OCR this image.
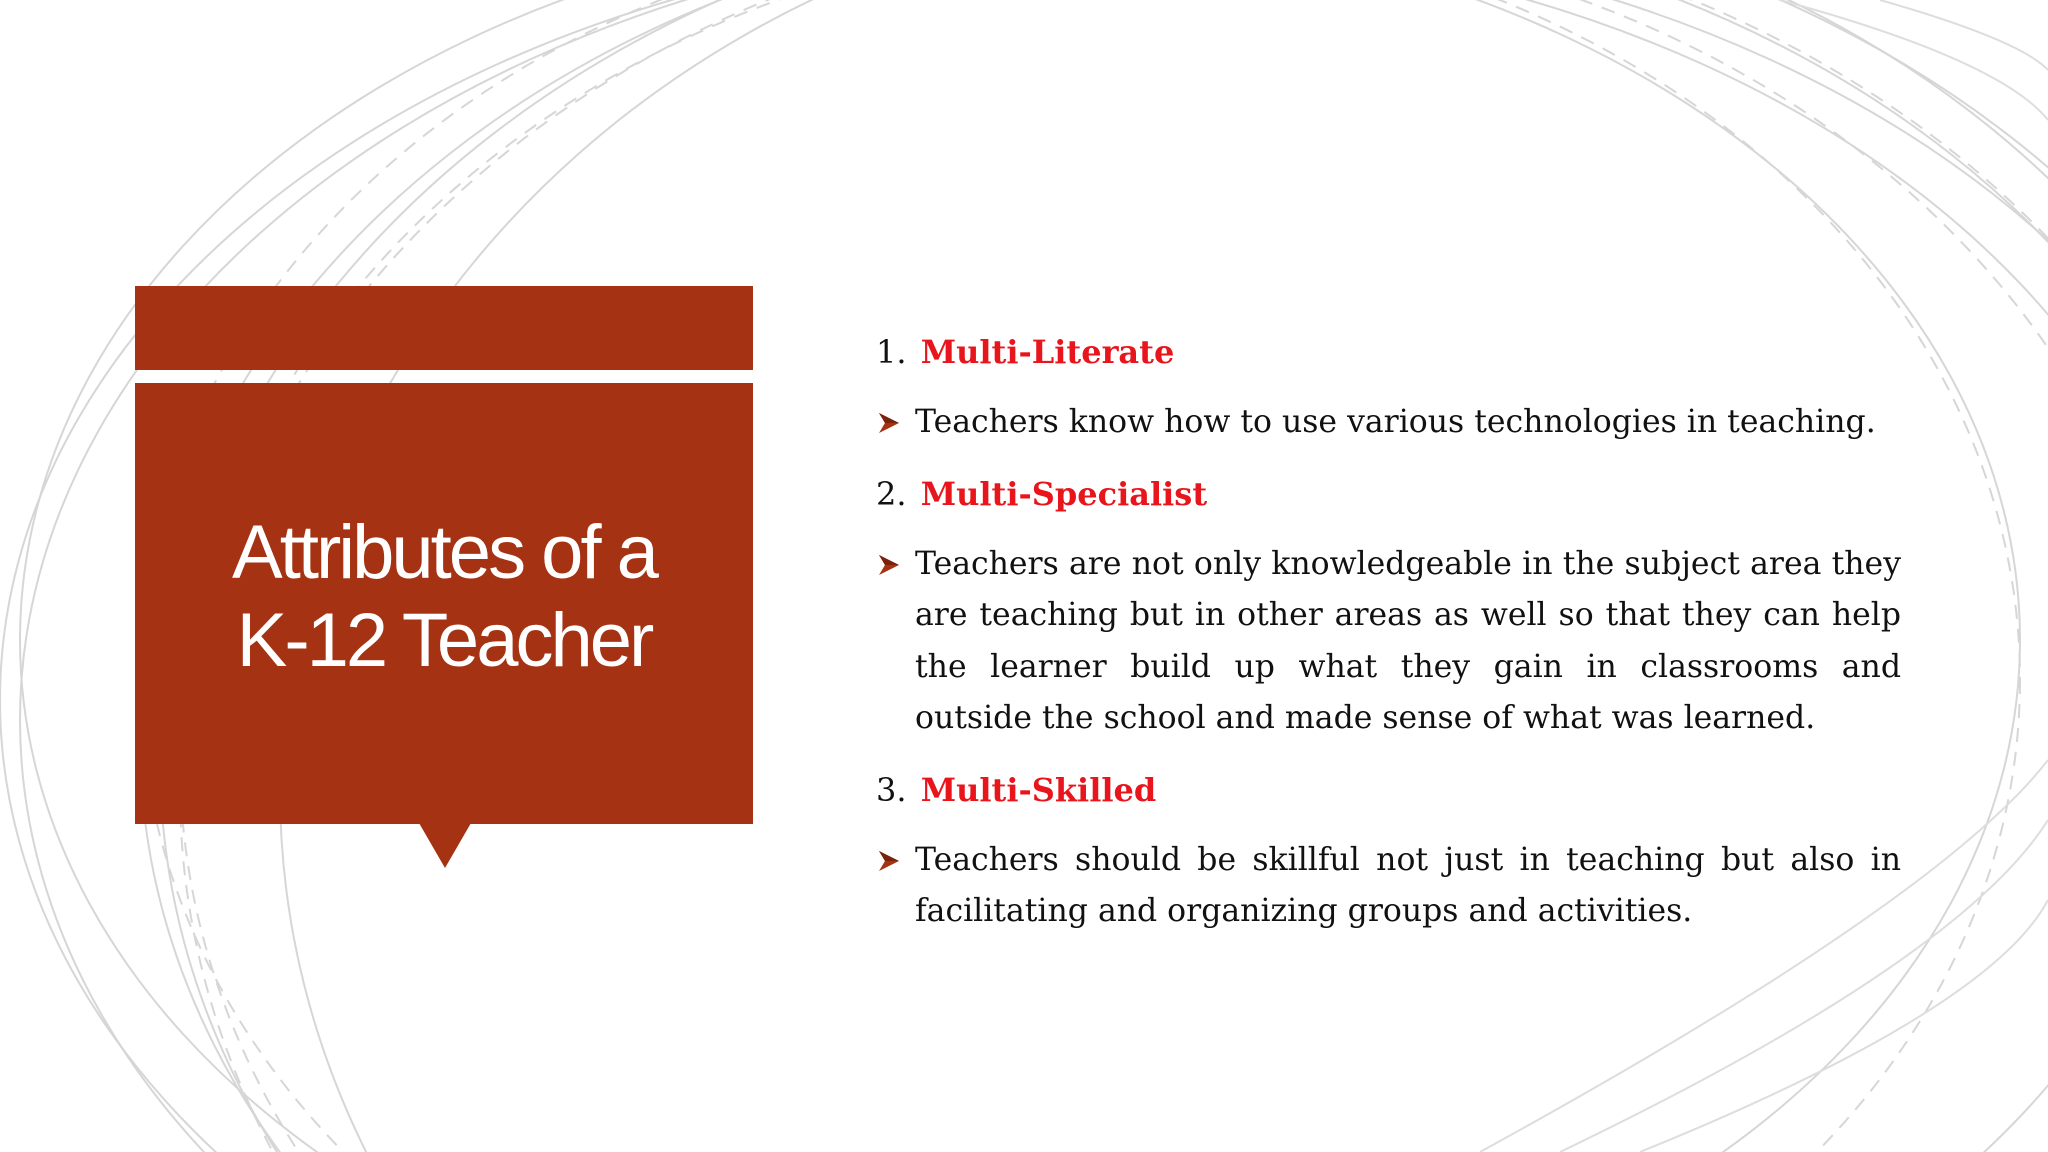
Attributes of a
K-12 Teacher
1. Multi-Literate
Teachers know how to use various technologies in teaching.
2. Multi-Specialist
Teachers are not only knowledgeable in the subject area they are teaching but in other areas as well so that they can help the learner build up what they gain in classrooms and outside the school and made sense of what was learned.
3. Multi-Skilled
Teachers should be skillful not just in teaching but also in facilitating and organizing groups and activities.
